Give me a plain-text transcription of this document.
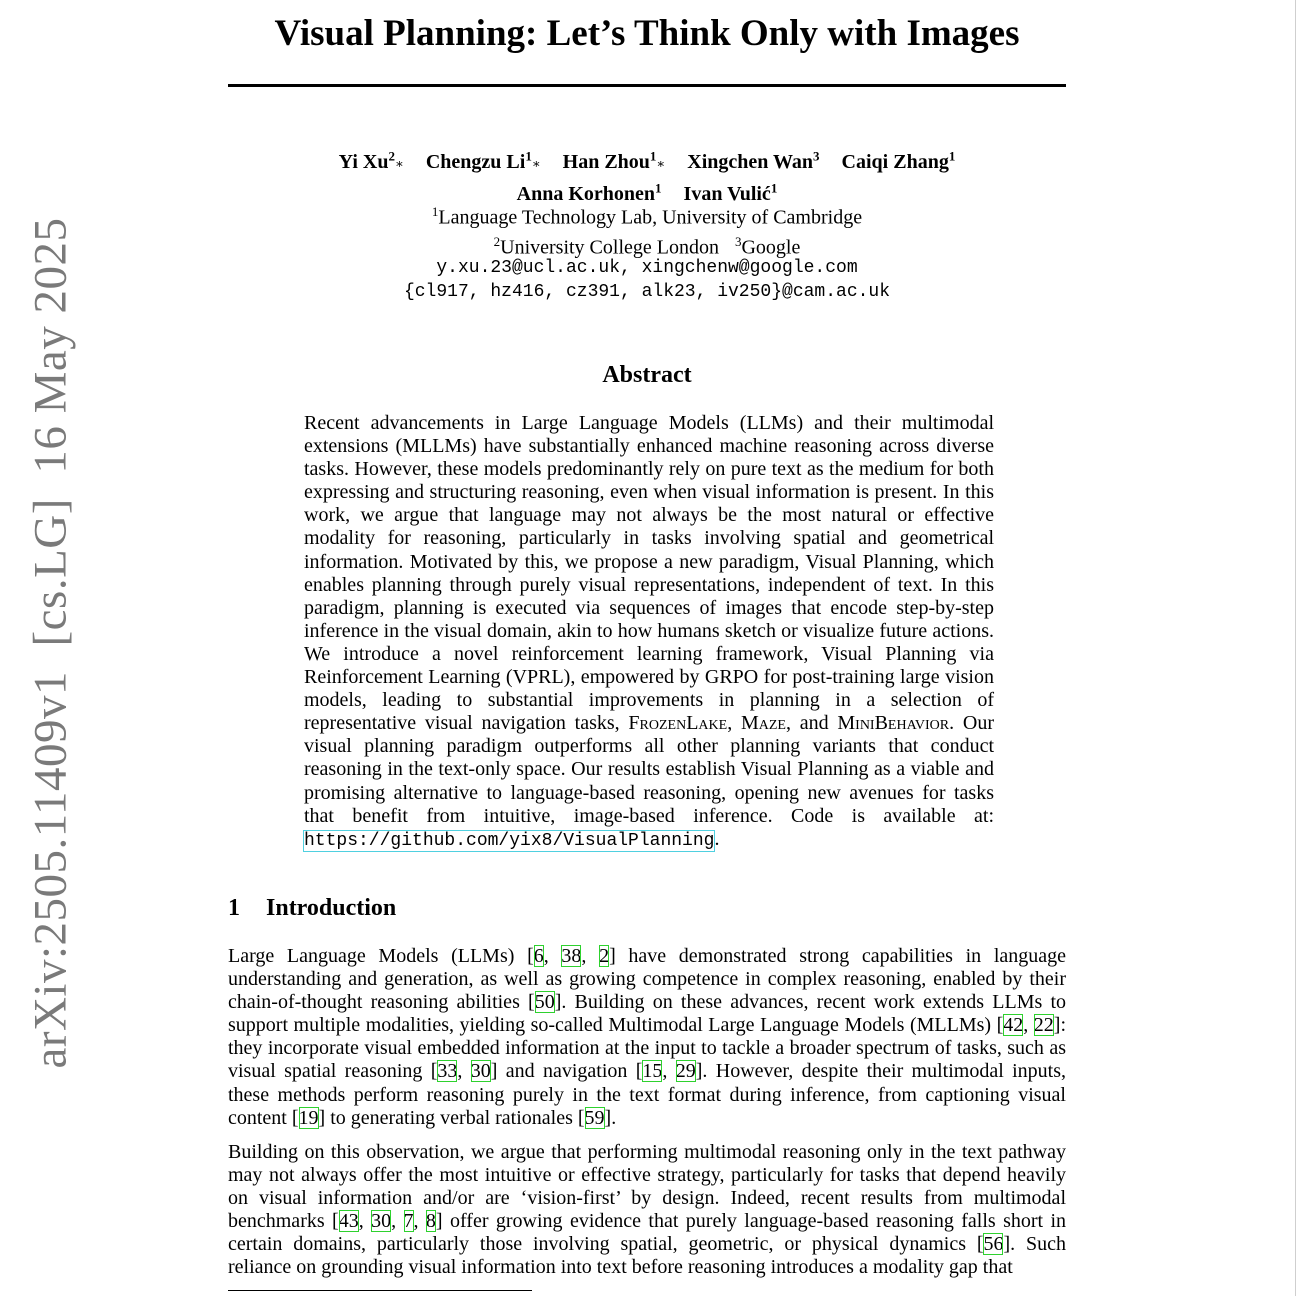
arXiv:2505.11409v1  [cs.LG]  16 May 2025
Visual Planning: Let’s Think Only with Images
Yi Xu$^2$∗ Chengzu Li$^1$∗ Han Zhou$^1$∗ Xingchen Wan$^3$ Caiqi Zhang$^1$
Anna Korhonen$^1$ Ivan Vulić$^1$
$^1$Language Technology Lab, University of Cambridge
$^2$University College London $^3$Google
y.xu.23@ucl.ac.uk, xingchenw@google.com
{cl917, hz416, cz391, alk23, iv250}@cam.ac.uk
Abstract
Recent advancements in Large Language Models (LLMs) and their multimodal extensions (MLLMs) have substantially enhanced machine reasoning across diverse tasks. However, these models predominantly rely on pure text as the medium for both expressing and structuring reasoning, even when visual information is present. In this work, we argue that language may not always be the most natural or effective modality for reasoning, particularly in tasks involving spatial and geometrical information. Motivated by this, we propose a new paradigm, Visual Planning, which enables planning through purely visual representations, independent of text. In this paradigm, planning is executed via sequences of images that encode step-by-step inference in the visual domain, akin to how humans sketch or visualize future actions. We introduce a novel reinforcement learning framework, Visual Planning via Reinforcement Learning (VPRL), empowered by GRPO for post-training large vision models, leading to substantial improvements in planning in a selection of representative visual navigation tasks, FrozenLake, Maze, and MiniBehavior. Our visual planning paradigm outperforms all other planning variants that conduct reasoning in the text-only space. Our results establish Visual Planning as a viable and promising alternative to language-based reasoning, opening new avenues for tasks that benefit from intuitive, image-based inference. Code is available at: https://github.com/yix8/VisualPlanning.
1 Introduction

Large Language Models (LLMs) [6, 38, 2] have demonstrated strong capabilities in language understanding and generation, as well as growing competence in complex reasoning, enabled by their chain-of-thought reasoning abilities [50]. Building on these advances, recent work extends LLMs to support multiple modalities, yielding so-called Multimodal Large Language Models (MLLMs) [42, 22]: they incorporate visual embedded information at the input to tackle a broader spectrum of tasks, such as visual spatial reasoning [33, 30] and navigation [15, 29]. However, despite their multimodal inputs, these methods perform reasoning purely in the text format during inference, from captioning visual content [19] to generating verbal rationales [59].

Building on this observation, we argue that performing multimodal reasoning only in the text pathway may not always offer the most intuitive or effective strategy, particularly for tasks that depend heavily on visual information and/or are ‘vision-first’ by design. Indeed, recent results from multimodal benchmarks [43, 30, 7, 8] offer growing evidence that purely language-based reasoning falls short in certain domains, particularly those involving spatial, geometric, or physical dynamics [56]. Such reliance on grounding visual information into text before reasoning introduces a modality gap that
